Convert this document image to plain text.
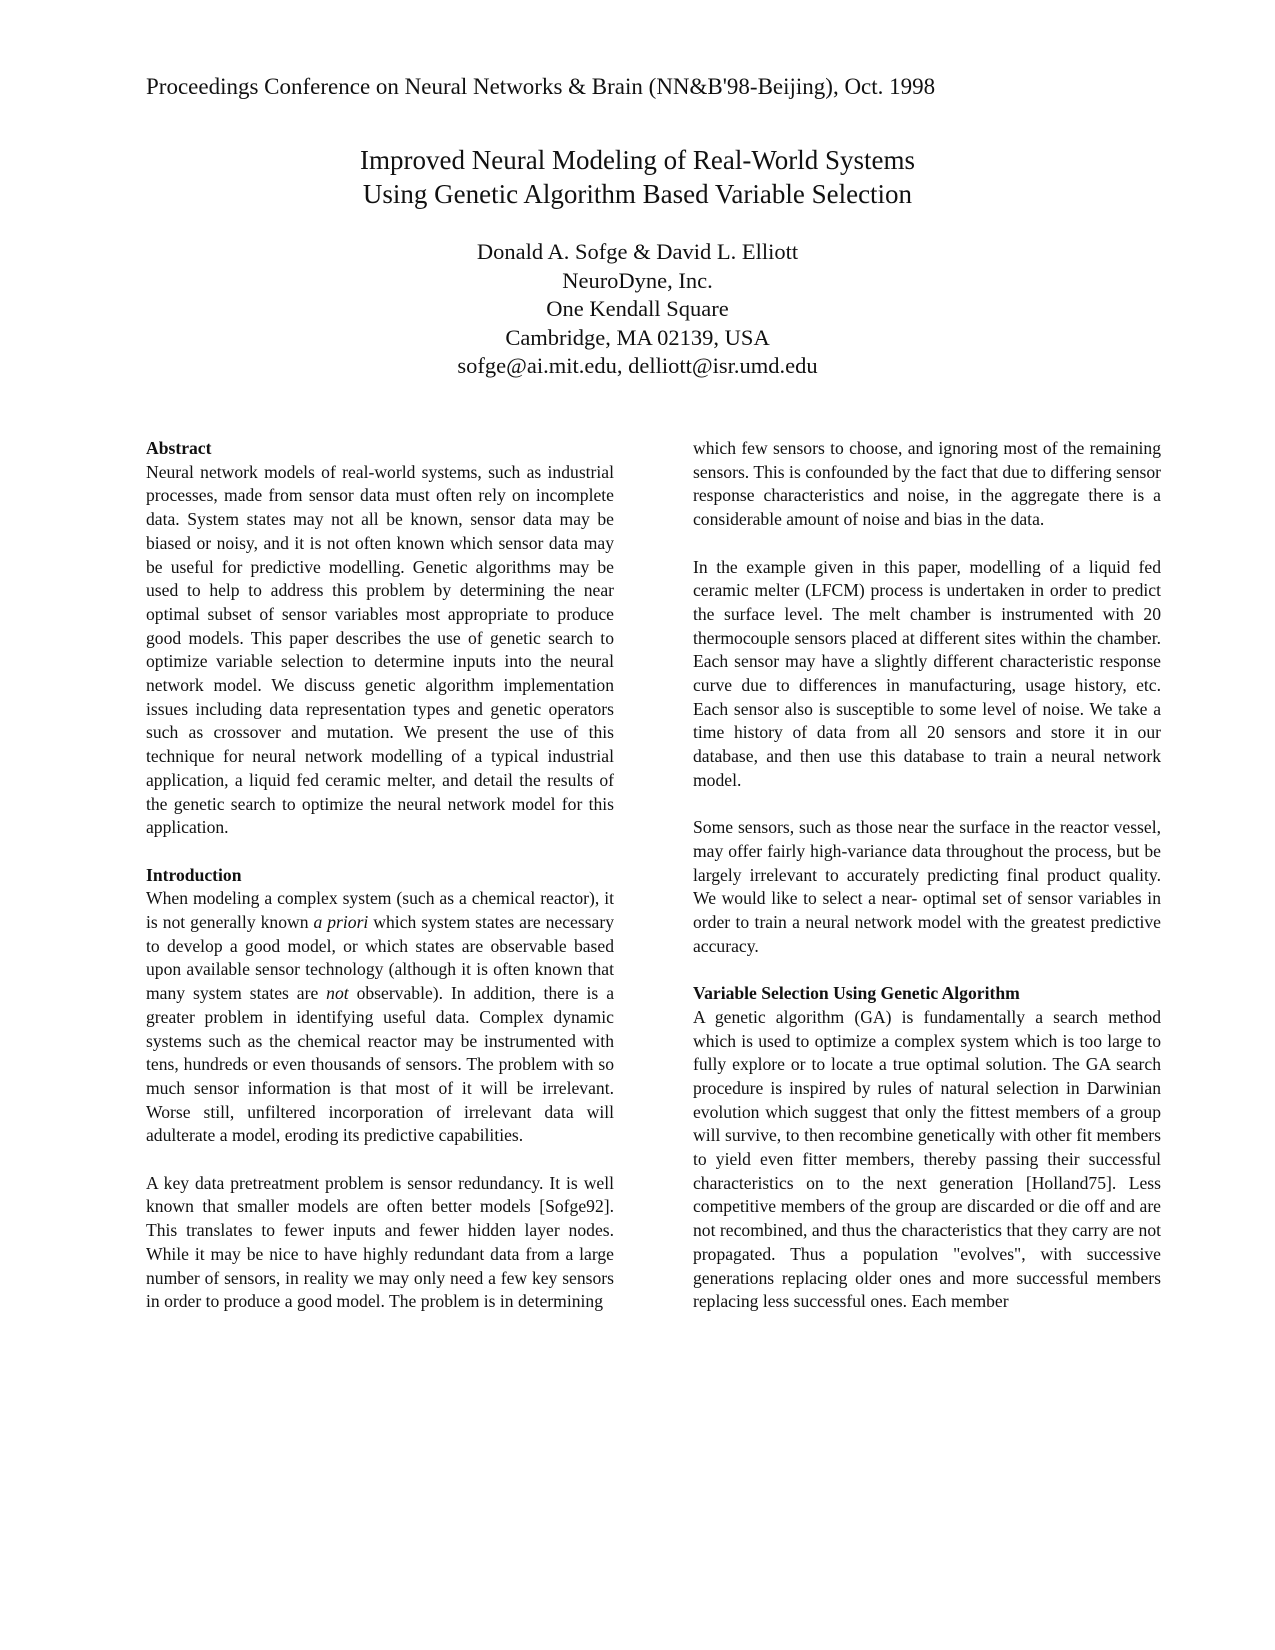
Proceedings Conference on Neural Networks & Brain (NN&B'98-Beijing), Oct. 1998
Improved Neural Modeling of Real-World Systems
Using Genetic Algorithm Based Variable Selection
Donald A. Sofge & David L. Elliott
NeuroDyne, Inc.
One Kendall Square
Cambridge, MA 02139, USA
sofge@ai.mit.edu, delliott@isr.umd.edu
Abstract

Neural network models of real-world systems, such as industrial processes, made from sensor data must often rely on incomplete data. System states may not all be known, sensor data may be biased or noisy, and it is not often known which sensor data may be useful for predictive modelling. Genetic algorithms may be used to help to address this problem by determining the near optimal subset of sensor variables most appropriate to produce good models. This paper describes the use of genetic search to optimize variable selection to determine inputs into the neural network model. We discuss genetic algorithm implementation issues including data representation types and genetic operators such as crossover and mutation. We present the use of this technique for neural network modelling of a typical industrial application, a liquid fed ceramic melter, and detail the results of the genetic search to optimize the neural network model for this application.

Introduction

When modeling a complex system (such as a chemical reactor), it is not generally known a priori which system states are necessary to develop a good model, or which states are observable based upon available sensor technology (although it is often known that many system states are not observable). In addition, there is a greater problem in identifying useful data. Complex dynamic systems such as the chemical reactor may be instrumented with tens, hundreds or even thousands of sensors. The problem with so much sensor information is that most of it will be irrelevant. Worse still, unfiltered incorporation of irrelevant data will adulterate a model, eroding its predictive capabilities.

A key data pretreatment problem is sensor redundancy. It is well known that smaller models are often better models [Sofge92]. This translates to fewer inputs and fewer hidden layer nodes. While it may be nice to have highly redundant data from a large number of sensors, in reality we may only need a few key sensors in order to produce a good model. The problem is in determining

which few sensors to choose, and ignoring most of the remaining sensors. This is confounded by the fact that due to differing sensor response characteristics and noise, in the aggregate there is a considerable amount of noise and bias in the data.

In the example given in this paper, modelling of a liquid fed ceramic melter (LFCM) process is undertaken in order to predict the surface level. The melt chamber is instrumented with 20 thermocouple sensors placed at different sites within the chamber. Each sensor may have a slightly different characteristic response curve due to differences in manufacturing, usage history, etc. Each sensor also is susceptible to some level of noise. We take a time history of data from all 20 sensors and store it in our database, and then use this database to train a neural network model.

Some sensors, such as those near the surface in the reactor vessel, may offer fairly high-variance data throughout the process, but be largely irrelevant to accurately predicting final product quality. We would like to select a near- optimal set of sensor variables in order to train a neural network model with the greatest predictive accuracy.

Variable Selection Using Genetic Algorithm

A genetic algorithm (GA) is fundamentally a search method which is used to optimize a complex system which is too large to fully explore or to locate a true optimal solution. The GA search procedure is inspired by rules of natural selection in Darwinian evolution which suggest that only the fittest members of a group will survive, to then recombine genetically with other fit members to yield even fitter members, thereby passing their successful characteristics on to the next generation [Holland75]. Less competitive members of the group are discarded or die off and are not recombined, and thus the characteristics that they carry are not propagated. Thus a population "evolves", with successive generations replacing older ones and more successful members replacing less successful ones. Each member
